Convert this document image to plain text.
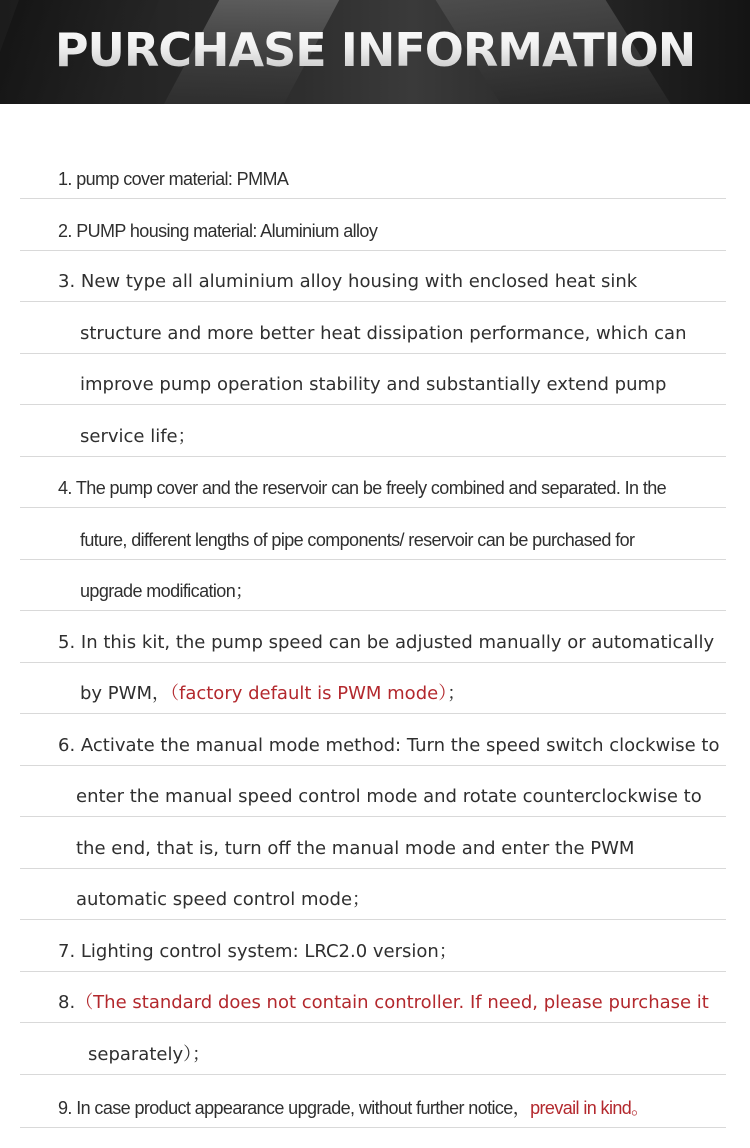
PURCHASE INFORMATION
1. pump cover material: PMMA
2. PUMP housing material: Aluminium alloy
3. New type all aluminium alloy housing with enclosed heat sink
structure and more better heat dissipation performance, which can
improve pump operation stability and substantially extend pump
service life；
4. The pump cover and the reservoir can be freely combined and separated. In the
future, different lengths of pipe components/ reservoir can be purchased for
upgrade modification；
5. In this kit, the pump speed can be adjusted manually or automatically
by PWM，（factory default is PWM mode）；
6. Activate the manual mode method: Turn the speed switch clockwise to
enter the manual speed control mode and rotate counterclockwise to
the end, that is, turn off the manual mode and enter the PWM
automatic speed control mode；
7. Lighting control system: LRC2.0 version；
8.（The standard does not contain controller. If need, please purchase it
separately）；
9. In case product appearance upgrade, without further notice，prevail in kind。
